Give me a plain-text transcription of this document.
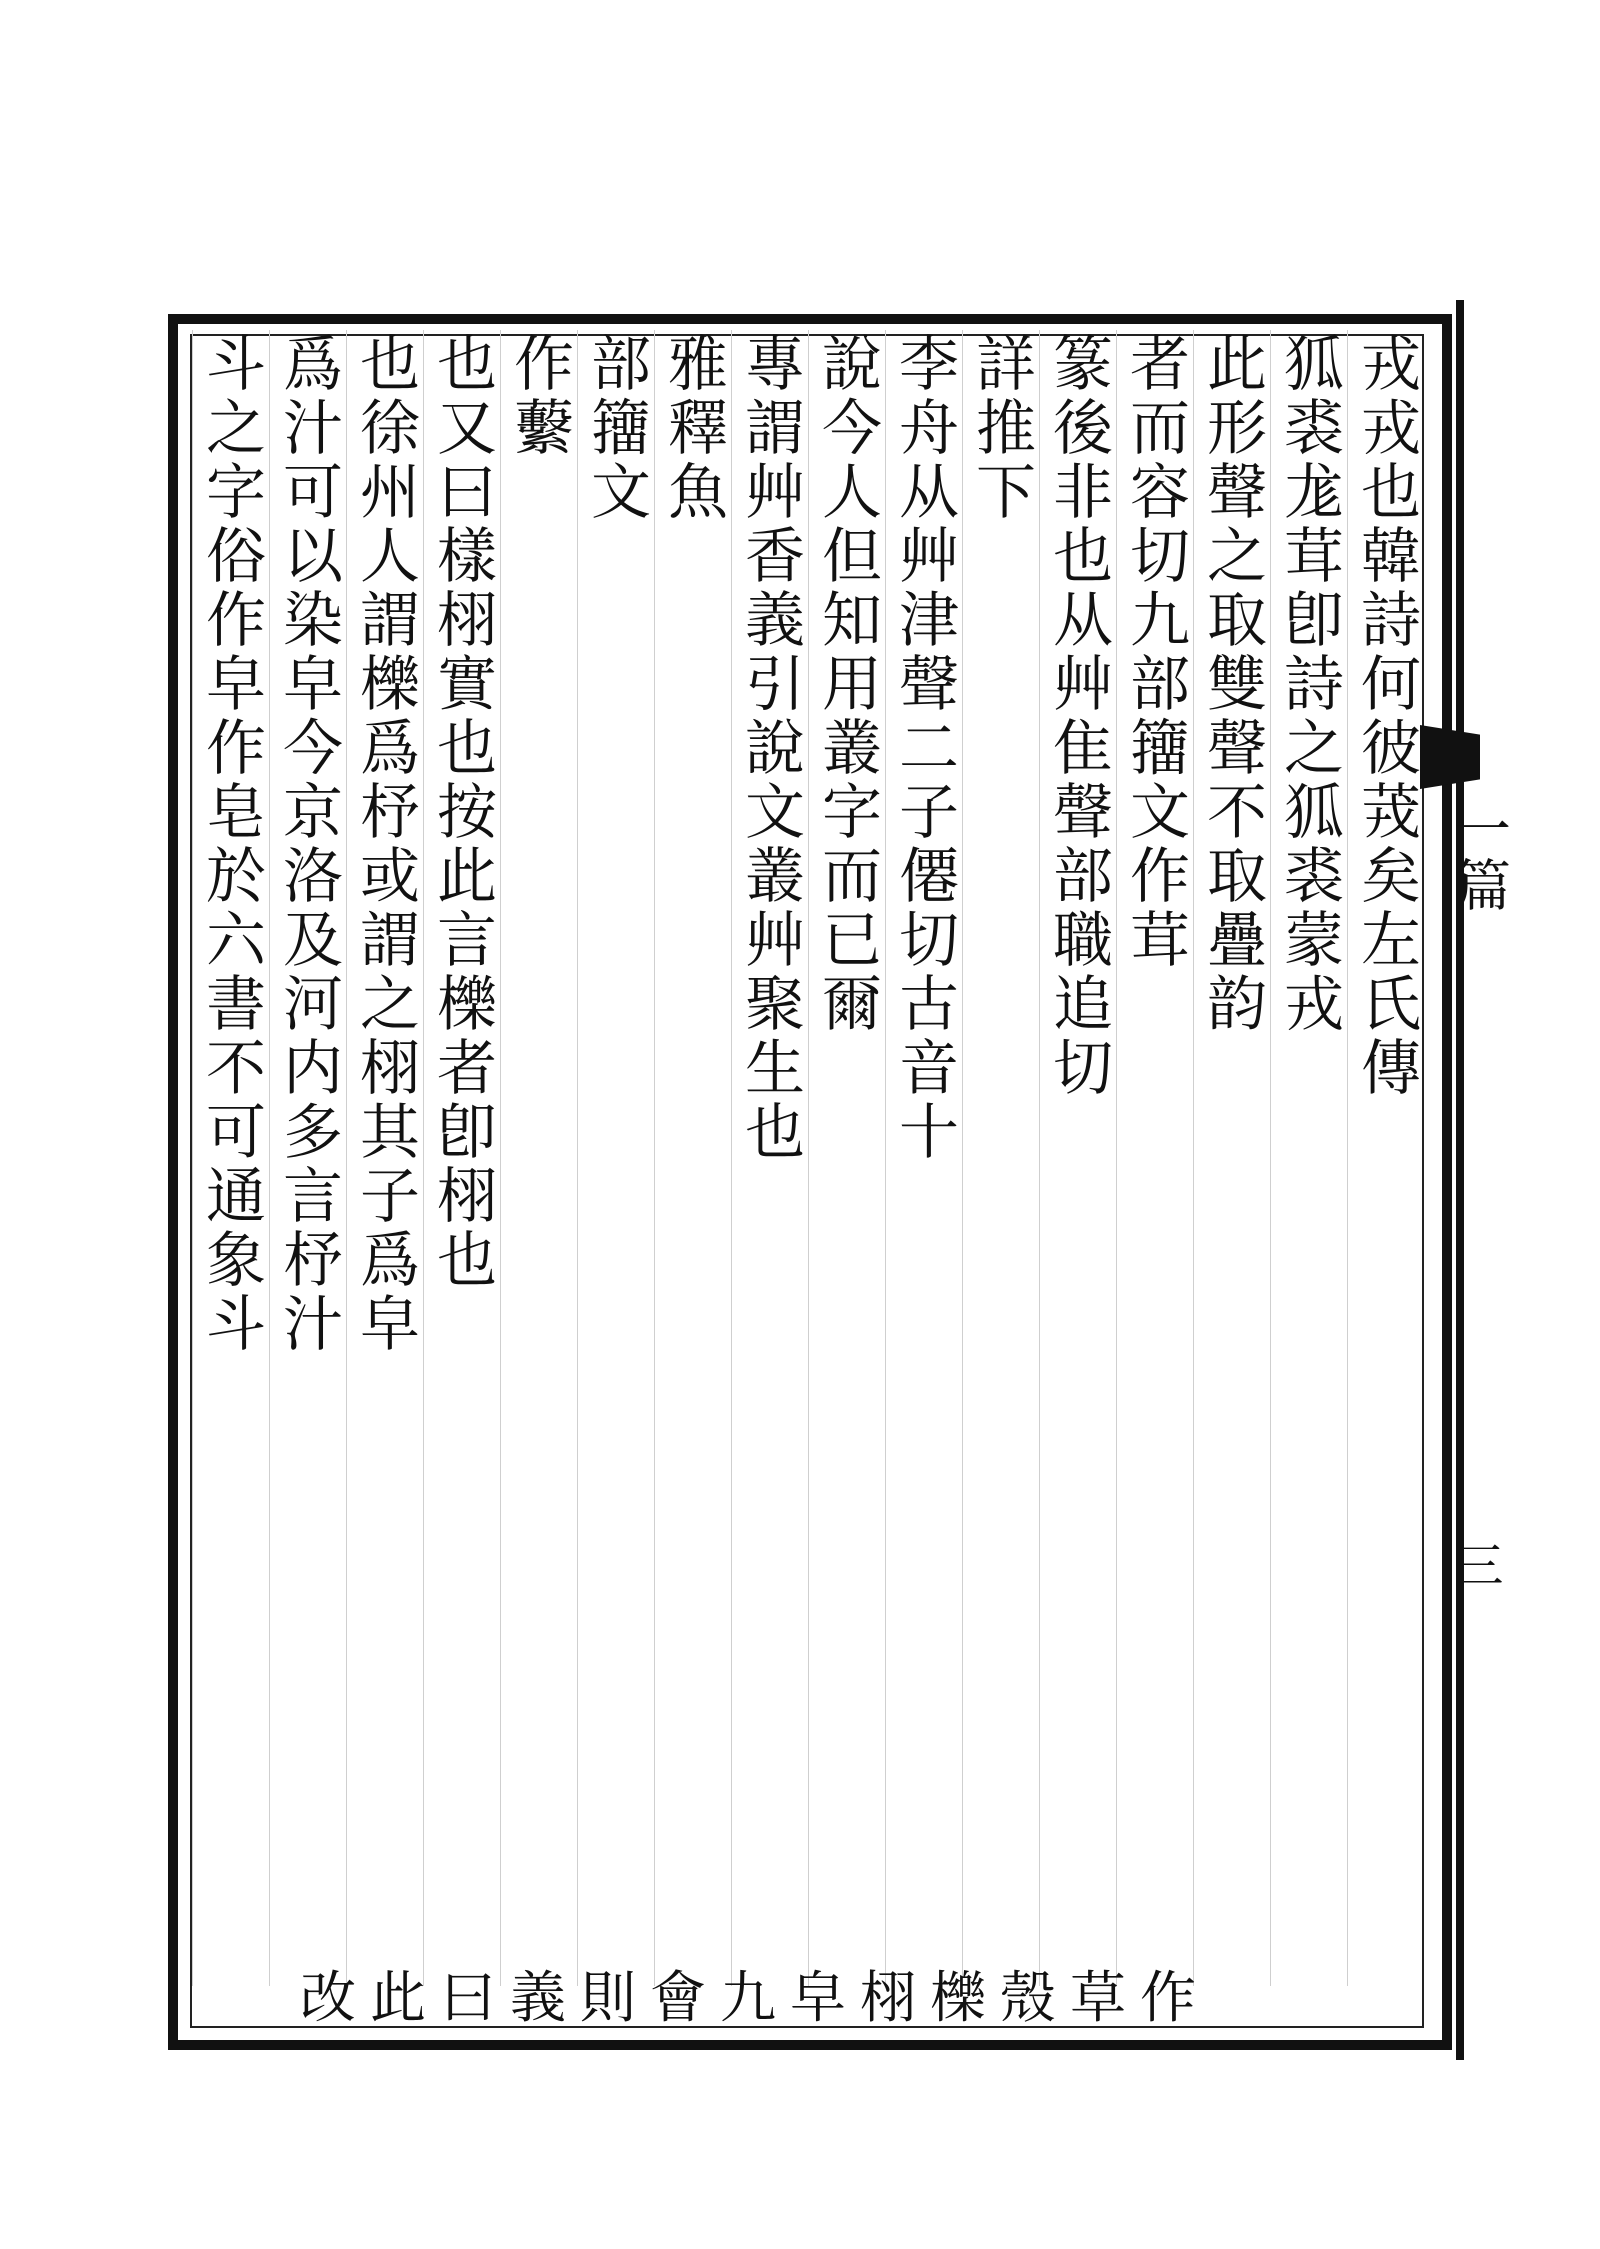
一篇
三
戎戎也韓詩何彼茙矣左氏傳
狐裘尨茸卽詩之狐裘蒙戎
此形聲之取雙聲不取疊韵
者而容切九部籒文作茸
篆後非也从艸隹聲部職追切
詳推下
李舟从艸津聲二子僊切古音十
說今人但知用叢字而已爾
專謂艸香義引說文叢艸聚生也
雅釋魚
部籒文
作蘻
也又曰樣栩實也按此言櫟者卽栩也
也徐州人謂櫟爲杼或謂之栩其子爲皁
爲汁可以染皁今京洛及河内多言杼汁
斗之字俗作皁作皂於六書不可通象斗
改此曰義則會九皁栩櫟殼草作
